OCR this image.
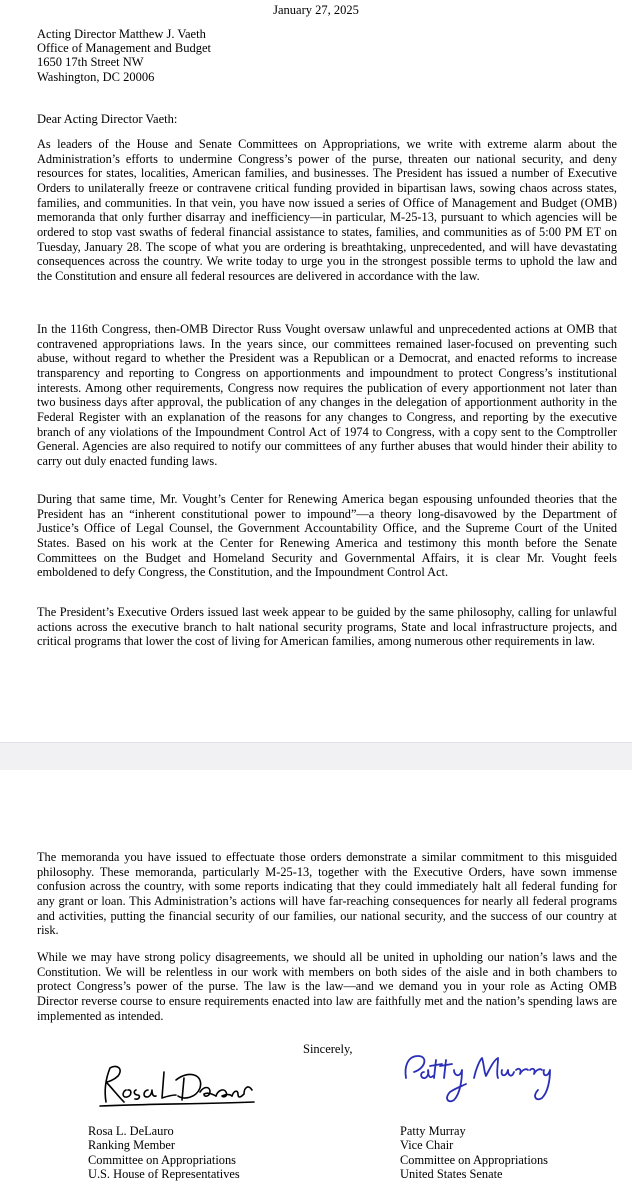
January 27, 2025
Acting Director Matthew J. Vaeth
Office of Management and Budget
1650 17th Street NW
Washington, DC 20006
Dear Acting Director Vaeth:
As leaders of the House and Senate Committees on Appropriations, we write with extreme alarm about the Administration’s efforts to undermine Congress’s power of the purse, threaten our national security, and deny resources for states, localities, American families, and businesses. The President has issued a number of Executive Orders to unilaterally freeze or contravene critical funding provided in bipartisan laws, sowing chaos across states, families, and communities. In that vein, you have now issued a series of Office of Management and Budget (OMB) memoranda that only further disarray and inefficiency—in particular, M-25-13, pursuant to which agencies will be ordered to stop vast swaths of federal financial assistance to states, families, and communities as of 5:00 PM ET on Tuesday, January 28. The scope of what you are ordering is breathtaking, unprecedented, and will have devastating consequences across the country. We write today to urge you in the strongest possible terms to uphold the law and the Constitution and ensure all federal resources are delivered in accordance with the law.
In the 116th Congress, then-OMB Director Russ Vought oversaw unlawful and unprecedented actions at OMB that contravened appropriations laws. In the years since, our committees remained laser-focused on preventing such abuse, without regard to whether the President was a Republican or a Democrat, and enacted reforms to increase transparency and reporting to Congress on apportionments and impoundment to protect Congress’s institutional interests. Among other requirements, Congress now requires the publication of every apportionment not later than two business days after approval, the publication of any changes in the delegation of apportionment authority in the Federal Register with an explanation of the reasons for any changes to Congress, and reporting by the executive branch of any violations of the Impoundment Control Act of 1974 to Congress, with a copy sent to the Comptroller General. Agencies are also required to notify our committees of any further abuses that would hinder their ability to carry out duly enacted funding laws.
During that same time, Mr. Vought’s Center for Renewing America began espousing unfounded theories that the President has an “inherent constitutional power to impound”—a theory long-disavowed by the Department of Justice’s Office of Legal Counsel, the Government Accountability Office, and the Supreme Court of the United States. Based on his work at the Center for Renewing America and testimony this month before the Senate Committees on the Budget and Homeland Security and Governmental Affairs, it is clear Mr. Vought feels emboldened to defy Congress, the Constitution, and the Impoundment Control Act.
The President’s Executive Orders issued last week appear to be guided by the same philosophy, calling for unlawful actions across the executive branch to halt national security programs, State and local infrastructure projects, and critical programs that lower the cost of living for American families, among numerous other requirements in law.
The memoranda you have issued to effectuate those orders demonstrate a similar commitment to this misguided philosophy. These memoranda, particularly M-25-13, together with the Executive Orders, have sown immense confusion across the country, with some reports indicating that they could immediately halt all federal funding for any grant or loan. This Administration’s actions will have far-reaching consequences for nearly all federal programs and activities, putting the financial security of our families, our national security, and the success of our country at risk.
While we may have strong policy disagreements, we should all be united in upholding our nation’s laws and the Constitution. We will be relentless in our work with members on both sides of the aisle and in both chambers to protect Congress’s power of the purse. The law is the law—and we demand you in your role as Acting OMB Director reverse course to ensure requirements enacted into law are faithfully met and the nation’s spending laws are implemented as intended.
Sincerely,
Rosa L. DeLauro
Ranking Member
Committee on Appropriations
U.S. House of Representatives
Patty Murray
Vice Chair
Committee on Appropriations
United States Senate
